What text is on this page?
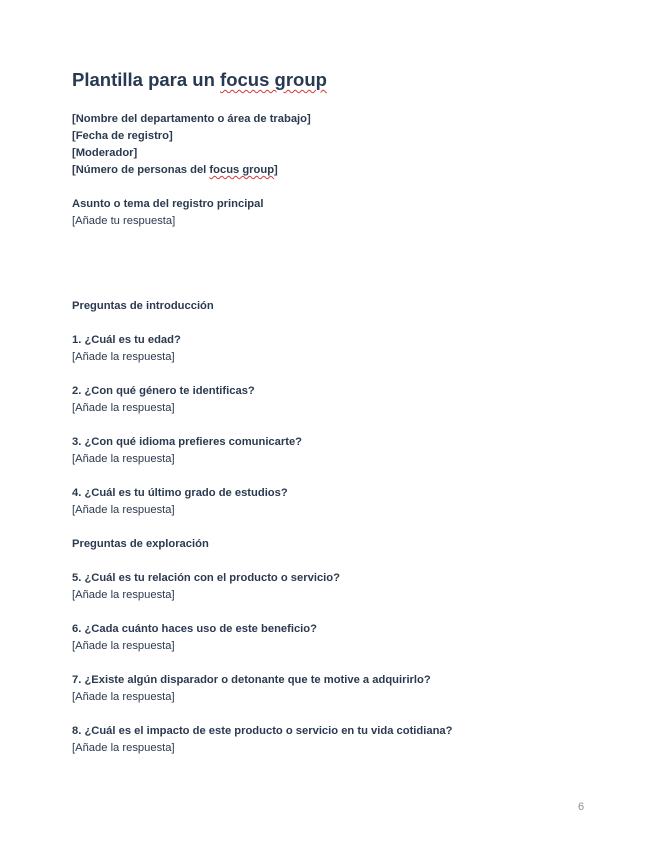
Plantilla para un focus group
[Nombre del departamento o área de trabajo]
[Fecha de registro]
[Moderador]
[Número de personas del focus group]
Asunto o tema del registro principal
[Añade tu respuesta]
Preguntas de introducción
1. ¿Cuál es tu edad?
[Añade la respuesta]
2. ¿Con qué género te identificas?
[Añade la respuesta]
3. ¿Con qué idioma prefieres comunicarte?
[Añade la respuesta]
4. ¿Cuál es tu último grado de estudios?
[Añade la respuesta]
Preguntas de exploración
5. ¿Cuál es tu relación con el producto o servicio?
[Añade la respuesta]
6. ¿Cada cuánto haces uso de este beneficio?
[Añade la respuesta]
7. ¿Existe algún disparador o detonante que te motive a adquirirlo?
[Añade la respuesta]
8. ¿Cuál es el impacto de este producto o servicio en tu vida cotidiana?
[Añade la respuesta]
6
